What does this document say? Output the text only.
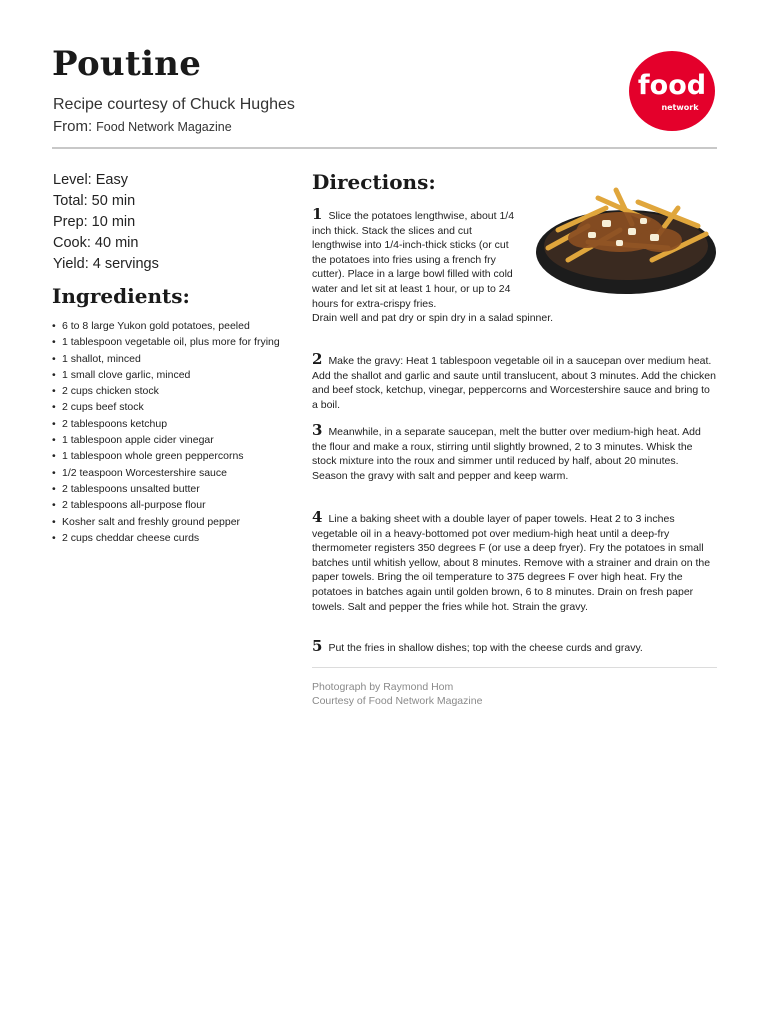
Poutine
Recipe courtesy of Chuck Hughes
From: Food Network Magazine
food
network
Level: Easy
Total: 50 min
Prep: 10 min
Cook: 40 min
Yield: 4 servings
Ingredients:
• 6 to 8 large Yukon gold potatoes, peeled
• 1 tablespoon vegetable oil, plus more for frying
• 1 shallot, minced
• 1 small clove garlic, minced
• 2 cups chicken stock
• 2 cups beef stock
• 2 tablespoons ketchup
• 1 tablespoon apple cider vinegar
• 1 tablespoon whole green peppercorns
• 1/2 teaspoon Worcestershire sauce
• 2 tablespoons unsalted butter
• 2 tablespoons all-purpose flour
• Kosher salt and freshly ground pepper
• 2 cups cheddar cheese curds
Directions:
1 Slice the potatoes lengthwise, about 1/4 inch thick. Stack the slices and cut lengthwise into 1/4-inch-thick sticks (or cut the potatoes into fries using a french fry cutter). Place in a large bowl filled with cold water and let sit at least 1 hour, or up to 24 hours for extra-crispy fries.
Drain well and pat dry or spin dry in a salad spinner.
2 Make the gravy: Heat 1 tablespoon vegetable oil in a saucepan over medium heat. Add the shallot and garlic and saute until translucent, about 3 minutes. Add the chicken and beef stock, ketchup, vinegar, peppercorns and Worcestershire sauce and bring to a boil.
3 Meanwhile, in a separate saucepan, melt the butter over medium-high heat. Add the flour and make a roux, stirring until slightly browned, 2 to 3 minutes. Whisk the stock mixture into the roux and simmer until reduced by half, about 20 minutes. Season the gravy with salt and pepper and keep warm.
4 Line a baking sheet with a double layer of paper towels. Heat 2 to 3 inches vegetable oil in a heavy-bottomed pot over medium-high heat until a deep-fry thermometer registers 350 degrees F (or use a deep fryer). Fry the potatoes in small batches until whitish yellow, about 8 minutes. Remove with a strainer and drain on the paper towels. Bring the oil temperature to 375 degrees F over high heat. Fry the potatoes in batches again until golden brown, 6 to 8 minutes. Drain on fresh paper towels. Salt and pepper the fries while hot. Strain the gravy.
5 Put the fries in shallow dishes; top with the cheese curds and gravy.
Photograph by Raymond Hom
Courtesy of Food Network Magazine
